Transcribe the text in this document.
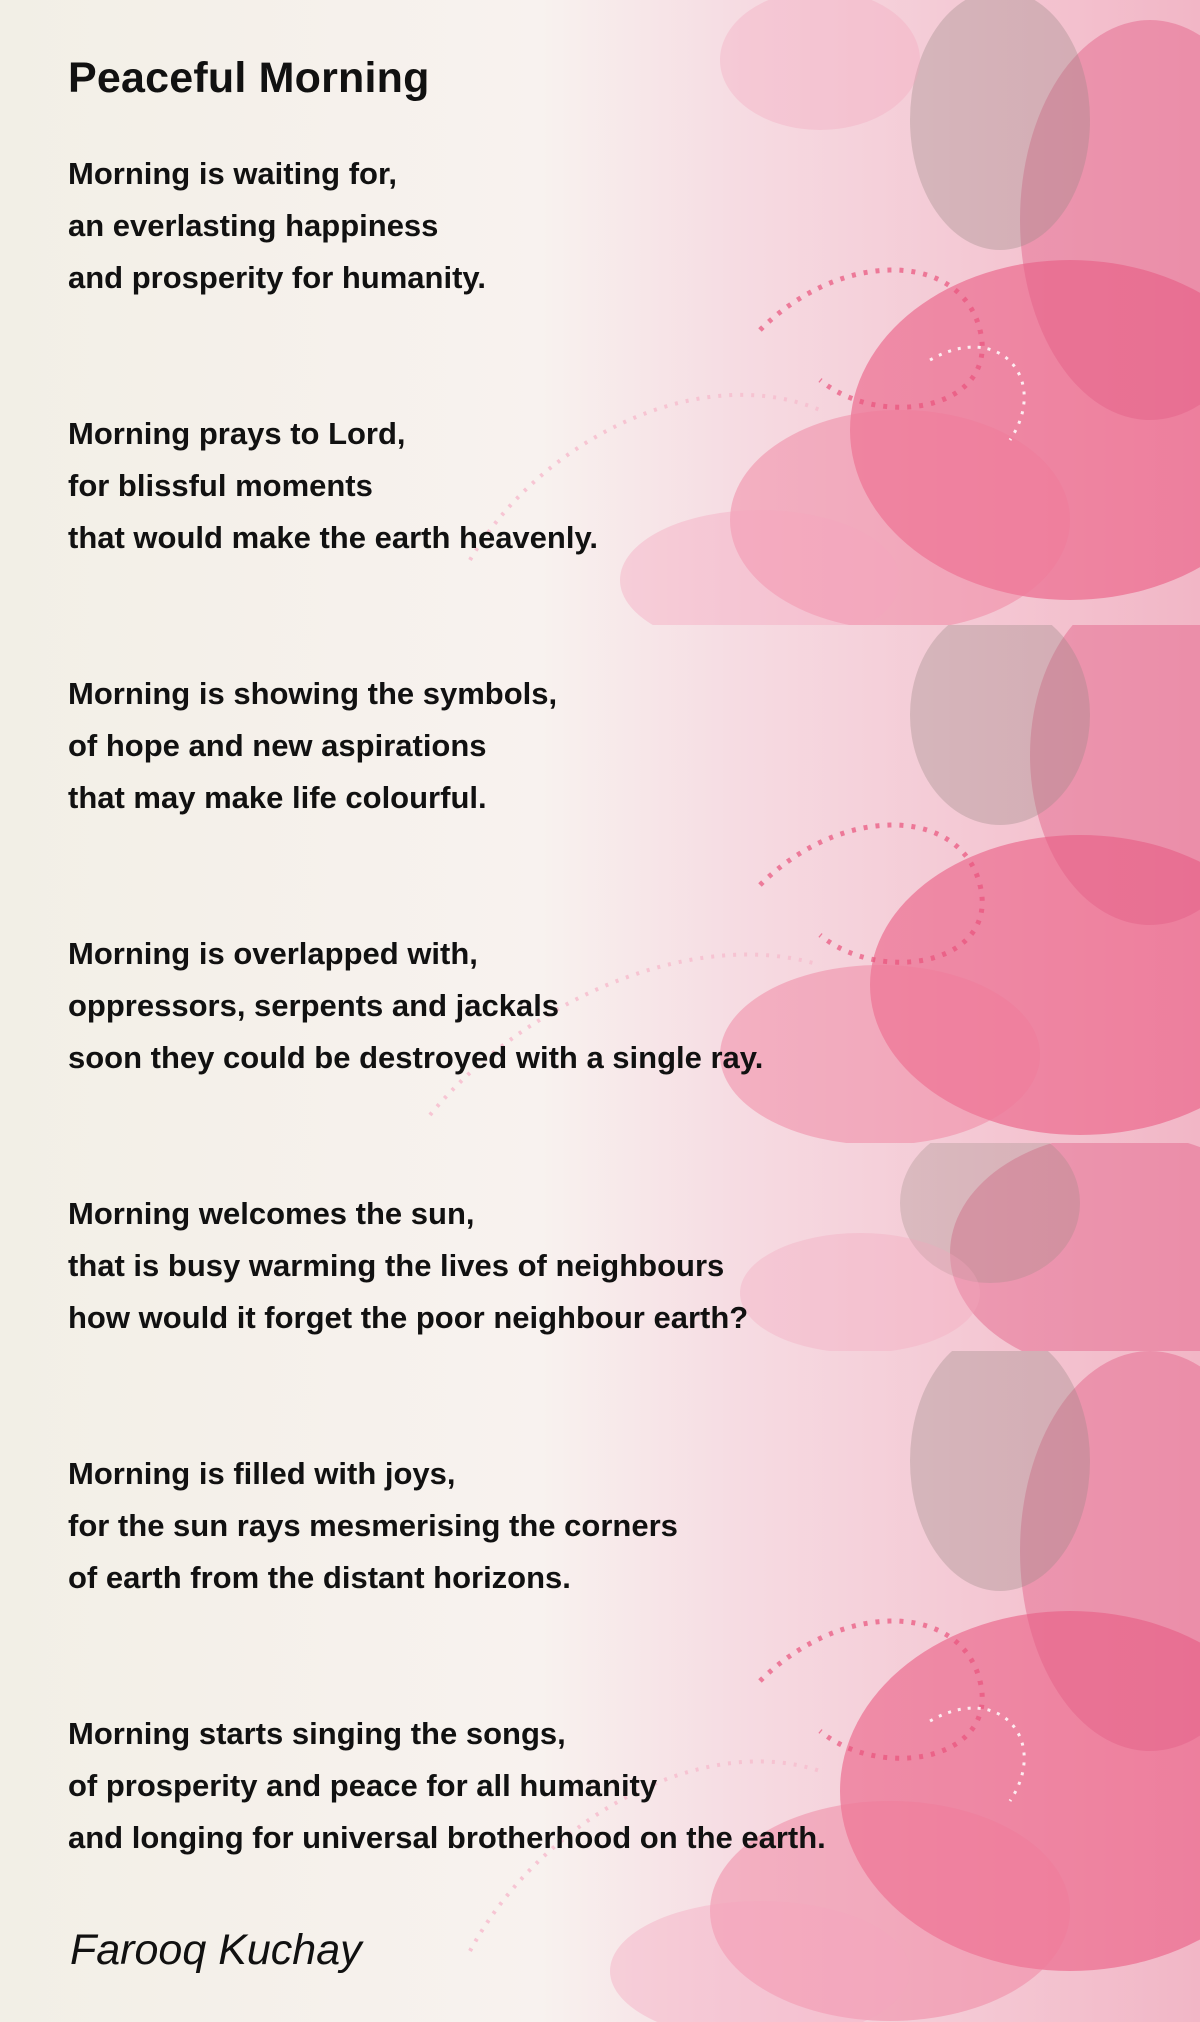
Peaceful Morning
Morning is waiting for,
an everlasting happiness
and prosperity for humanity.
Morning prays to Lord,
for blissful moments
that would make the earth heavenly.
Morning is showing the symbols,
of hope and new aspirations
that may make life colourful.
Morning is overlapped with,
oppressors, serpents and jackals
soon they could be destroyed with a single ray.
Morning welcomes the sun,
that is busy warming the lives of neighbours
how would it forget the poor neighbour earth?
Morning is filled with joys,
for the sun rays mesmerising the corners
of earth from the distant horizons.
Morning starts singing the songs,
of prosperity and peace for all humanity
and longing for universal brotherhood on the earth.
Farooq Kuchay
